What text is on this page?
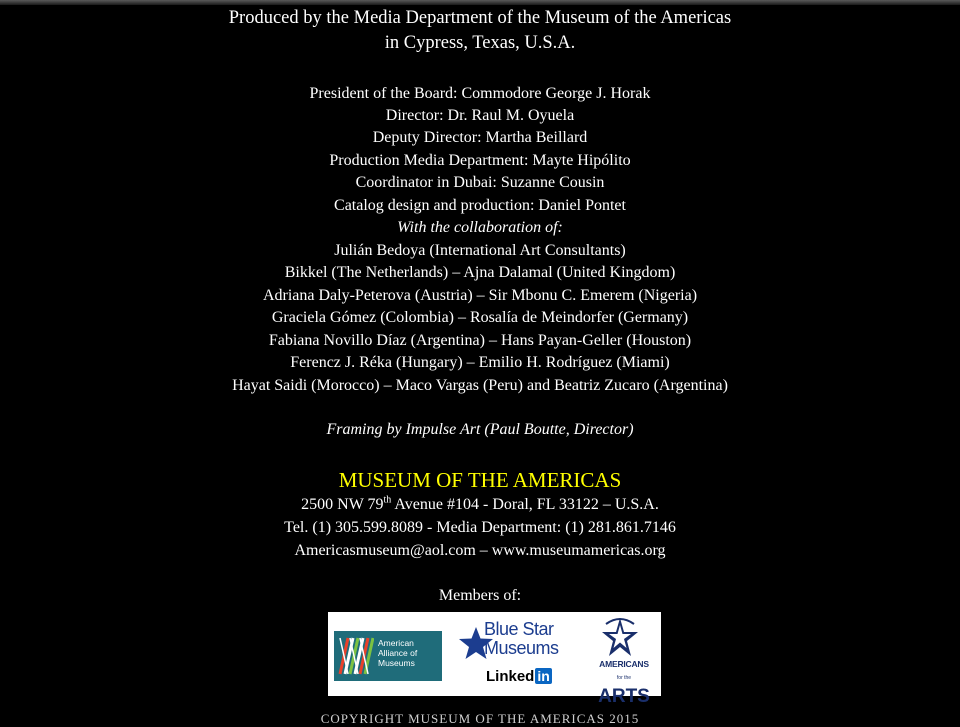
Produced by the Media Department of the Museum of the Americas
in Cypress, Texas, U.S.A.
President of the Board: Commodore George J. Horak
Director: Dr. Raul M. Oyuela
Deputy Director: Martha Beillard
Production Media Department: Mayte Hipólito
Coordinator in Dubai: Suzanne Cousin
Catalog design and production: Daniel Pontet
With the collaboration of:
Julián Bedoya (International Art Consultants)
Bikkel (The Netherlands) – Ajna Dalamal (United Kingdom)
Adriana Daly-Peterova (Austria) – Sir Mbonu C. Emerem (Nigeria)
Graciela Gómez (Colombia) – Rosalía de Meindorfer (Germany)
Fabiana Novillo Díaz (Argentina) – Hans Payan-Geller (Houston)
Ferencz J. Réka (Hungary) – Emilio H. Rodríguez (Miami)
Hayat Saidi (Morocco) – Maco Vargas (Peru) and Beatriz Zucaro (Argentina)
Framing by Impulse Art (Paul Boutte, Director)
MUSEUM OF THE AMERICAS
2500 NW 79th Avenue #104 - Doral, FL 33122 – U.S.A.
Tel. (1) 305.599.8089 - Media Department: (1) 281.861.7146
Americasmuseum@aol.com – www.museumamericas.org
Members of:
American
Alliance of
Museums
Blue Star
Museums
Linked in
AMERICANS
for the ARTS
COPYRIGHT MUSEUM OF THE AMERICAS 2015
